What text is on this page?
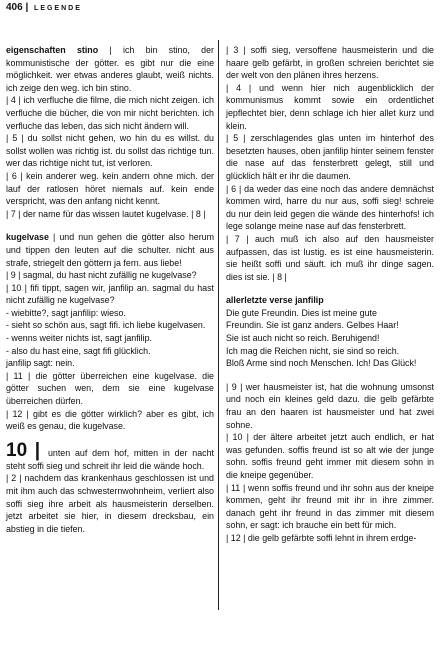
406 | LEGENDE

eigenschaften stino | ich bin stino, der kommunistische der götter. es gibt nur die eine möglichkeit. wer etwas anderes glaubt, weiß nichts. ich zeige den weg. ich bin stino.

| 4 | ich verfluche die filme, die mich nicht zeigen. ich verfluche die bücher, die von mir nicht berichten. ich verfluche das leben, das sich nicht ändern will.

| 5 | du sollst nicht gehen, wo hin du es willst. du sollst wollen was richtig ist. du sollst das richtige tun. wer das richtige nicht tut, ist verloren.

| 6 | kein anderer weg. kein andern ohne mich. der lauf der ratlosen höret niemals auf. kein ende verspricht, was den anfang nicht kennt.

| 7 | der name für das wissen lautet kugelvase. | 8 |

kugelvase | und nun gehen die götter also herum und tippen den leuten auf die schulter. nicht aus strafe, striegelt den göttern ja fern. aus liebe!

| 9 | sagmal, du hast nicht zufällig ne kugelvase?

| 10 | fifi tippt, sagen wir, janfilip an. sagmal du hast nicht zufällig ne kugelvase?

- wiebitte?, sagt janfilip: wieso.

- sieht so schön aus, sagt fifi. ich liebe kugelvasen.

- wenns weiter nichts ist, sagt janfilip.

- also du hast eine, sagt fifi glücklich.

janfilip sagt: nein.

| 11 | die götter überreichen eine kugelvase. die götter suchen wen, dem sie eine kugelvase überreichen dürfen.

| 12 | gibt es die götter wirklich? aber es gibt, ich weiß es genau, die kugelvase.

10 | unten auf dem hof, mitten in der nacht steht soffi sieg und schreit ihr leid die wände hoch.

| 2 | nachdem das krankenhaus geschlossen ist und mit ihm auch das schwesternwohnheim, verliert also soffi sieg ihre arbeit als hausmeisterin derselben. jetzt arbeitet sie hier, in diesem drecksbau, ein abstieg in die tiefen.

| 3 | soffi sieg, versoffene hausmeisterin und die haare gelb gefärbt, in großen schreien berichtet sie der welt von den plänen ihres herzens.

| 4 | und wenn hier nich augenblicklich der kommunismus kommt sowie ein ordentlichet jepflechtet bier, denn schlage ich hier allet kurz und klein.

| 5 | zerschlagendes glas unten im hinterhof des besetzten hauses, oben janfilip hinter seinem fenster die nase auf das fensterbrett gelegt, still und glücklich hält er ihr die daumen.

| 6 | da weder das eine noch das andere demnächst kommen wird, harre du nur aus, soffi sieg! schreie du nur dein leid gegen die wände des hinterhofs! ich lege solange meine nase auf das fensterbrett.

| 7 | auch muß ich also auf den hausmeister aufpassen, das ist lustig. es ist eine hausmeisterin. sie heißt soffi und säuft. ich muß ihr dinge sagen. dies ist sie. | 8 |

allerletzte verse janfilip

Die gute Freundin. Dies ist meine gute

Freundin. Sie ist ganz anders. Gelbes Haar!

Sie ist auch nicht so reich. Beruhigend!

Ich mag die Reichen nicht, sie sind so reich.

Bloß Arme sind noch Menschen. Ich! Das Glück!

| 9 | wer hausmeister ist, hat die wohnung umsonst und noch ein kleines geld dazu. die gelb gefärbte frau an den haaren ist hausmeister und hat zwei sohne.

| 10 | der ältere arbeitet jetzt auch endlich, er hat was gefunden. soffis freund ist so alt wie der junge sohn. soffis freund geht immer mit diesem sohn in die kneipe gegenüber.

| 11 | wenn soffis freund und ihr sohn aus der kneipe kommen, geht ihr freund mit ihr in ihre zimmer. danach geht ihr freund in das zimmer mit diesem sohn, er sagt: ich brauche ein bett für mich.

| 12 | die gelb gefärbte soffi lehnt in ihrem erdge-
